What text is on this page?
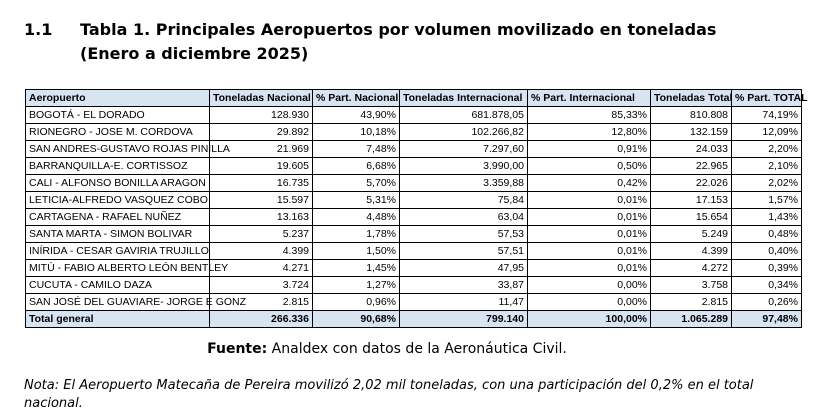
1.1 Tabla 1. Principales Aeropuertos por volumen movilizado en toneladas (Enero a diciembre 2025)
Aeropuerto	Toneladas Nacional	% Part. Nacional	Toneladas Internacional	% Part. Internacional	Toneladas Total	% Part. TOTAL
BOGOTÁ - EL DORADO	128.930	43,90%	681.878,05	85,33%	810.808	74,19%
RIONEGRO - JOSE M. CORDOVA	29.892	10,18%	102.266,82	12,80%	132.159	12,09%
SAN ANDRES-GUSTAVO ROJAS PINILLA	21.969	7,48%	7.297,60	0,91%	24.033	2,20%
BARRANQUILLA-E. CORTISSOZ	19.605	6,68%	3.990,00	0,50%	22.965	2,10%
CALI - ALFONSO BONILLA ARAGON	16.735	5,70%	3.359,88	0,42%	22.026	2,02%
LETICIA-ALFREDO VASQUEZ COBO	15.597	5,31%	75,84	0,01%	17.153	1,57%
CARTAGENA - RAFAEL NUÑEZ	13.163	4,48%	63,04	0,01%	15.654	1,43%
SANTA MARTA - SIMON BOLIVAR	5.237	1,78%	57,53	0,01%	5.249	0,48%
INÍRIDA - CESAR GAVIRIA TRUJILLO	4.399	1,50%	57,51	0,01%	4.399	0,40%
MITÚ - FABIO ALBERTO LEÓN BENTLEY	4.271	1,45%	47,95	0,01%	4.272	0,39%
CUCUTA - CAMILO DAZA	3.724	1,27%	33,87	0,00%	3.758	0,34%
SAN JOSÉ DEL GUAVIARE- JORGE E GONZ	2.815	0,96%	11,47	0,00%	2.815	0,26%
Total general	266.336	90,68%	799.140	100,00%	1.065.289	97,48%
Fuente: Analdex con datos de la Aeronáutica Civil.
Nota: El Aeropuerto Matecaña de Pereira movilizó 2,02 mil toneladas, con una participación del 0,2% en el total nacional.
